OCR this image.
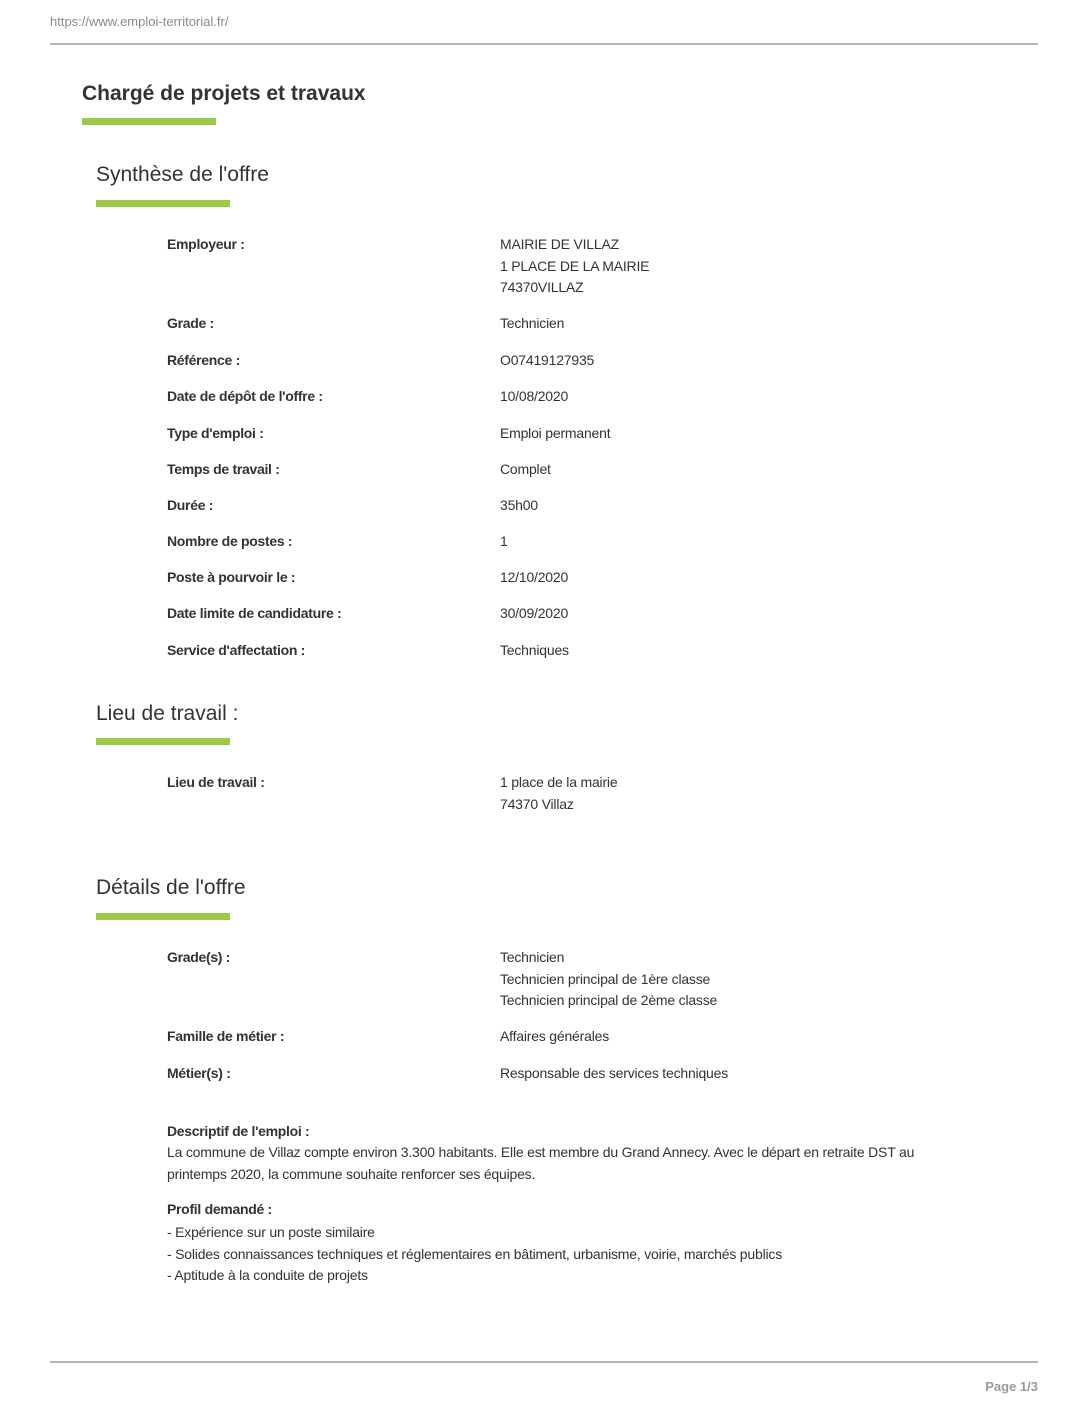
https://www.emploi-territorial.fr/
Chargé de projets et travaux
Synthèse de l'offre
Employeur :	MAIRIE DE VILLAZ
1 PLACE DE LA MAIRIE
74370VILLAZ
Grade :	Technicien
Référence :	O07419127935
Date de dépôt de l'offre :	10/08/2020
Type d'emploi :	Emploi permanent
Temps de travail :	Complet
Durée :	35h00
Nombre de postes :	1
Poste à pourvoir le :	12/10/2020
Date limite de candidature :	30/09/2020
Service d'affectation :	Techniques
Lieu de travail :
Lieu de travail :	1 place de la mairie
74370 Villaz
Détails de l'offre
Grade(s) :	Technicien
Technicien principal de 1ère classe
Technicien principal de 2ème classe
Famille de métier :	Affaires générales
Métier(s) :	Responsable des services techniques
Descriptif de l'emploi :
La commune de Villaz compte environ 3.300 habitants. Elle est membre du Grand Annecy. Avec le départ en retraite DST au
printemps 2020, la commune souhaite renforcer ses équipes.
Profil demandé :
- Expérience sur un poste similaire
- Solides connaissances techniques et réglementaires en bâtiment, urbanisme, voirie, marchés publics
- Aptitude à la conduite de projets
Page 1/3
